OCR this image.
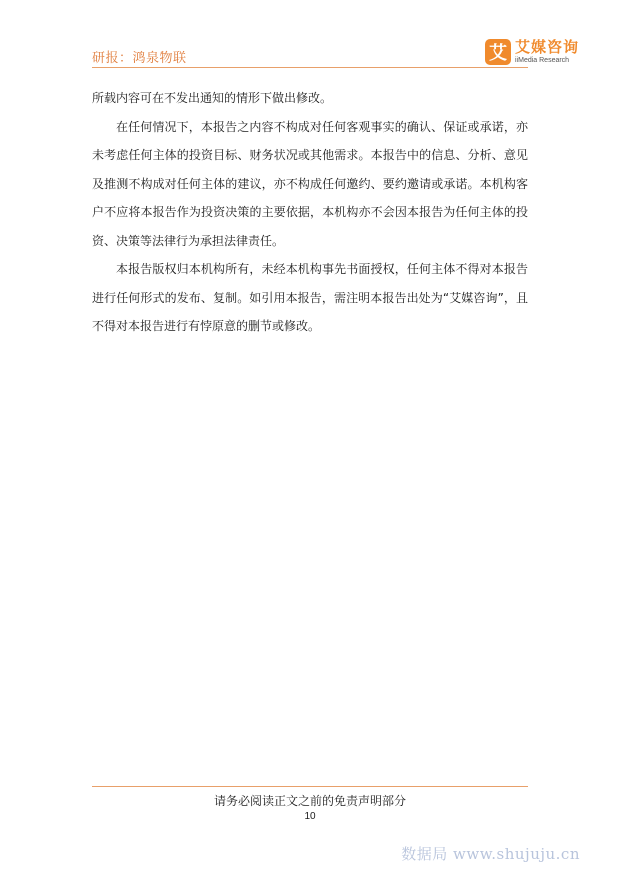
研报：鸿泉物联	艾 艾媒咨询
iiMedia Research

所载内容可在不发出通知的情形下做出修改。

在任何情况下，本报告之内容不构成对任何客观事实的确认、保证或承诺，亦未考虑任何主体的投资目标、财务状况或其他需求。本报告中的信息、分析、意见及推测不构成对任何主体的建议，亦不构成任何邀约、要约邀请或承诺。本机构客户不应将本报告作为投资决策的主要依据，本机构亦不会因本报告为任何主体的投资、决策等法律行为承担法律责任。

本报告版权归本机构所有，未经本机构事先书面授权，任何主体不得对本报告进行任何形式的发布、复制。如引用本报告，需注明本报告出处为“艾媒咨询”，且不得对本报告进行有悖原意的删节或修改。

请务必阅读正文之前的免责声明部分
10
数据局 www.shujuju.cn
